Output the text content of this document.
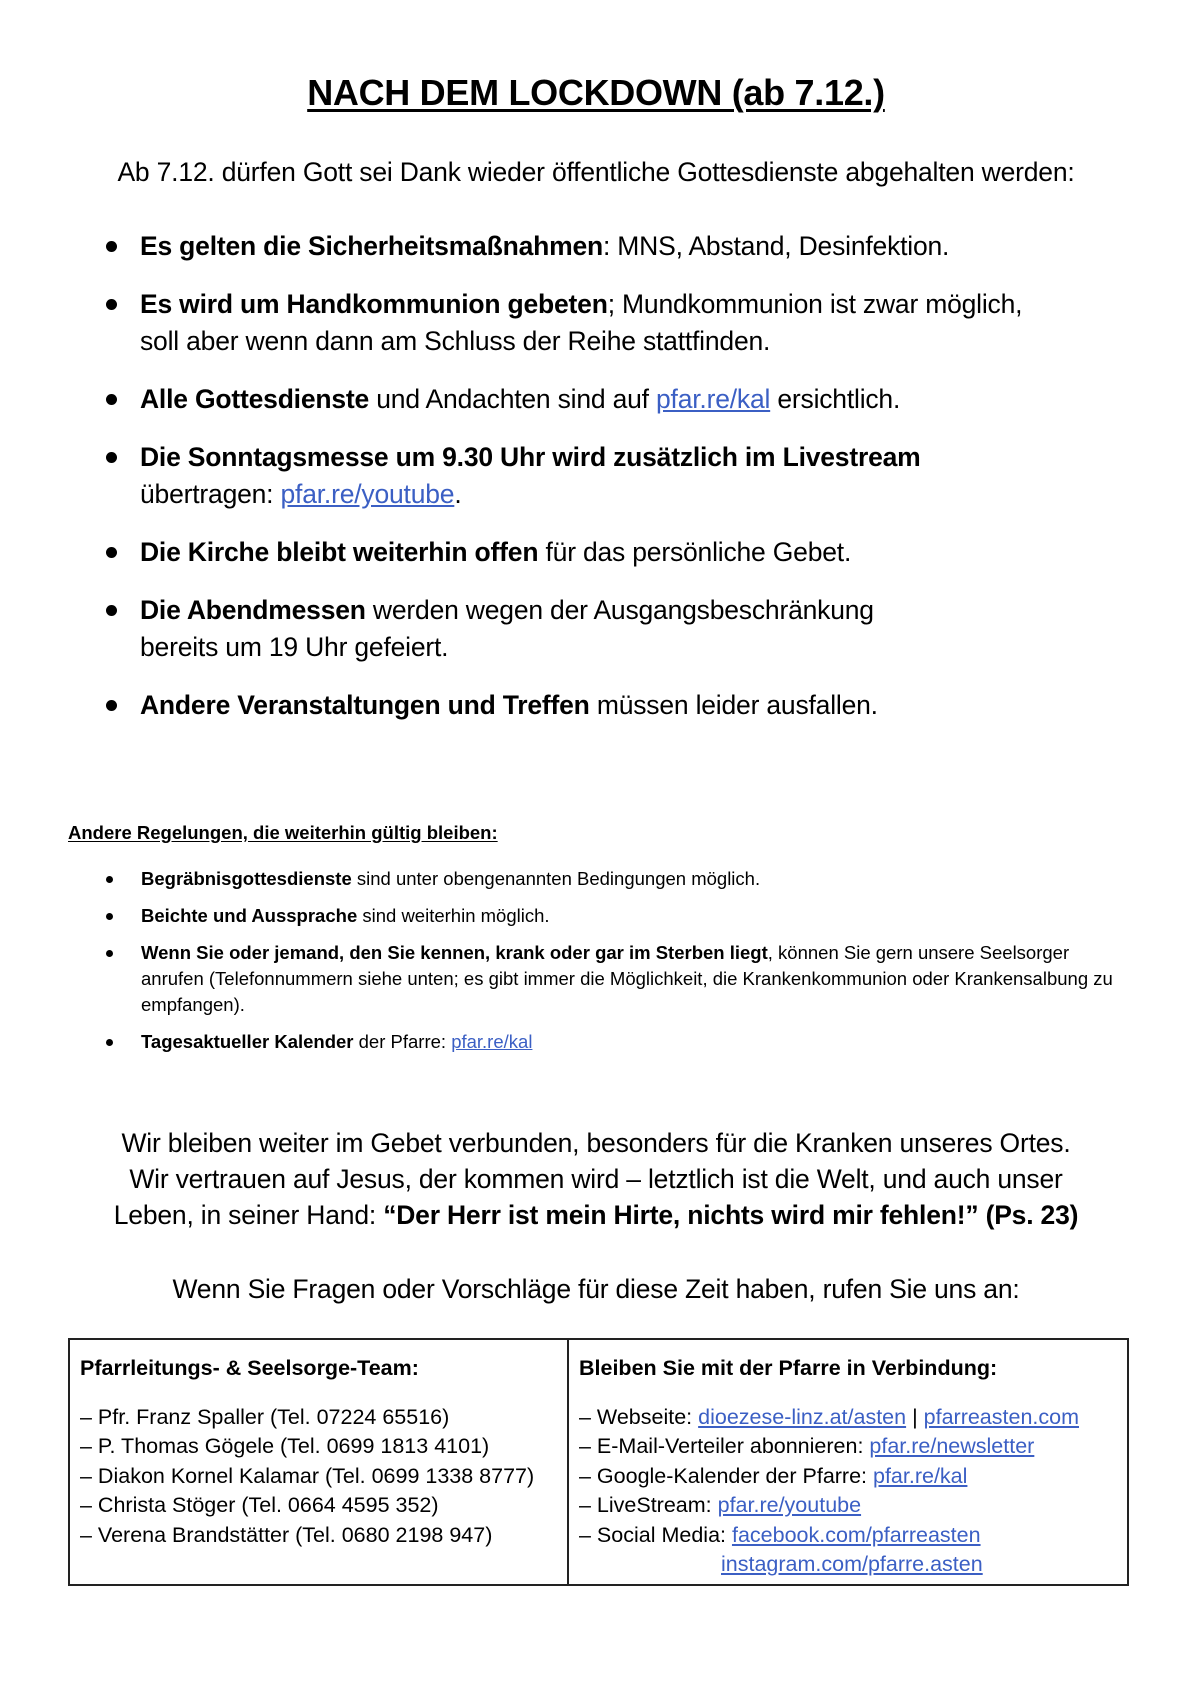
NACH DEM LOCKDOWN (ab 7.12.)

Ab 7.12. dürfen Gott sei Dank wieder öffentliche Gottesdienste abgehalten werden:

Es gelten die Sicherheitsmaßnahmen: MNS, Abstand, Desinfektion.
Es wird um Handkommunion gebeten; Mundkommunion ist zwar möglich,
soll aber wenn dann am Schluss der Reihe stattfinden.
Alle Gottesdienste und Andachten sind auf pfar.re/kal ersichtlich.
Die Sonntagsmesse um 9.30 Uhr wird zusätzlich im Livestream
übertragen: pfar.re/youtube.
Die Kirche bleibt weiterhin offen für das persönliche Gebet.
Die Abendmessen werden wegen der Ausgangsbeschränkung
bereits um 19 Uhr gefeiert.
Andere Veranstaltungen und Treffen müssen leider ausfallen.
Andere Regelungen, die weiterhin gültig bleiben:
Begräbnisgottesdienste sind unter obengenannten Bedingungen möglich.
Beichte und Aussprache sind weiterhin möglich.
Wenn Sie oder jemand, den Sie kennen, krank oder gar im Sterben liegt, können Sie gern unsere Seelsorger anrufen (Telefonnummern siehe unten; es gibt immer die Möglichkeit, die Krankenkommunion oder Krankensalbung zu empfangen).
Tagesaktueller Kalender der Pfarre: pfar.re/kal

Wir bleiben weiter im Gebet verbunden, besonders für die Kranken unseres Ortes.

Wir vertrauen auf Jesus, der kommen wird – letztlich ist die Welt, und auch unser

Leben, in seiner Hand: “Der Herr ist mein Hirte, nichts wird mir fehlen!” (Ps. 23)

Wenn Sie Fragen oder Vorschläge für diese Zeit haben, rufen Sie uns an:

Pfarrleitungs- & Seelsorge-Team:
– Pfr. Franz Spaller (Tel. 07224 65516)
– P. Thomas Gögele (Tel. 0699 1813 4101)
– Diakon Kornel Kalamar (Tel. 0699 1338 8777)
– Christa Stöger (Tel. 0664 4595 352)
– Verena Brandstätter (Tel. 0680 2198 947)
Bleiben Sie mit der Pfarre in Verbindung:
– Webseite: dioezese-linz.at/asten | pfarreasten.com
– E-Mail-Verteiler abonnieren: pfar.re/newsletter
– Google-Kalender der Pfarre: pfar.re/kal
– LiveStream: pfar.re/youtube
– Social Media: facebook.com/pfarreasten
instagram.com/pfarre.asten
